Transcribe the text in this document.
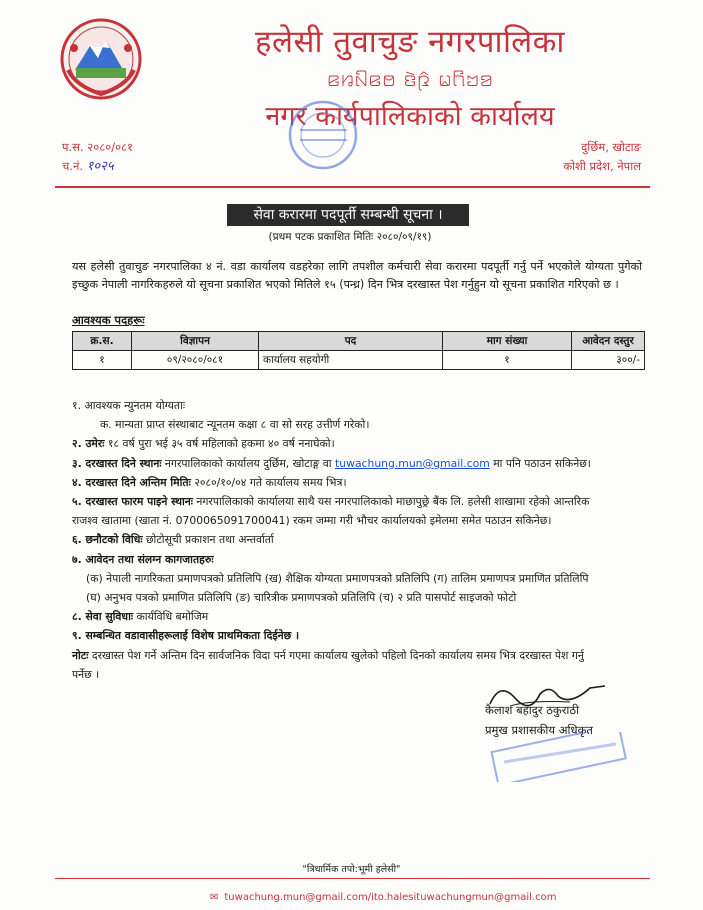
हलेसी तुवाचुङ नगरपालिका
ꤕꤙꤡꤕꤥ ꤢꤧꤐꤨ ꤗꤖꤠꤤ
नगर कार्यपालिकाको कार्यालय
प.स. २०८०/०८१
च.नं. १०२५
दुर्छिम, खोटाङ
कोशी प्रदेश, नेपाल
सेवा करारमा पदपूर्ती सम्बन्धी सूचना ।
(प्रथम पटक प्रकाशित मितिः २०८०/०९/१९)
यस हलेसी तुवाचुङ नगरपालिका ४ नं. वडा कार्यालय वडहरेका लागि तपशील कर्मचारी सेवा करारमा पदपूर्ती गर्नु पर्ने भएकोले योग्यता पुगेको इच्छुक नेपाली नागरिकहरुले यो सूचना प्रकाशित भएको मितिले १५ (पन्ध्र) दिन भित्र दरखास्त पेश गर्नुहुन यो सूचना प्रकाशित गरिएको छ ।
आवश्यक पदहरूः
क्र.स.	विज्ञापन	पद	माग संख्या	आवेदन दस्तुर
१	०९/२०८०/०८१	कार्यालय सहयोगी	१	३००/-
१. आवश्यक न्युनतम योग्यताः
क. मान्यता प्राप्त संस्थाबाट न्यूनतम कक्षा ८ वा सो सरह उत्तीर्ण गरेको।
२. उमेरः १८ वर्ष पुरा भई ३५ वर्ष महिलाको हकमा ४० वर्ष ननाघेको।
३. दरखास्त दिने स्थानः नगरपालिकाको कार्यालय दुर्छिम, खोटाङ्ग वा tuwachung.mun@gmail.com मा पनि पठाउन सकिनेछ।
४. दरखास्त दिने अन्तिम मितिः २०८०/१०/०४ गते कार्यालय समय भित्र।
५. दरखास्त फारम पाइने स्थानः नगरपालिकाको कार्यालया साथै यस नगरपालिकाको माछापुछ्रे बैंक लि. हलेसी शाखामा रहेको आन्तरिक
राजश्व खातामा (खाता नं. 0700065091700041) रकम जम्मा गरी भौचर कार्यालयको इमेलमा समेत पठाउन सकिनेछ।
६. छनौटको विधिः छोटोसूची प्रकाशन तथा अन्तर्वार्ता
७. आवेदन तथा संलग्न कागजातहरुः
(क) नेपाली नागरिकता प्रमाणपत्रको प्रतिलिपि (ख) शैक्षिक योग्यता प्रमाणपत्रको प्रतिलिपि (ग) तालिम प्रमाणपत्र प्रमाणित प्रतिलिपि
(घ) अनुभव पत्रको प्रमाणित प्रतिलिपि (ङ) चारित्रीक प्रमाणपत्रको प्रतिलिपि (च) २ प्रति पासपोर्ट साइजको फोटो
८. सेवा सुविधाः कार्यविधि बमोजिम
९. सम्बन्धित वडावासीहरूलाई विशेष प्राथमिकता दिईनेछ ।
नोटः दरखास्त पेश गर्ने अन्तिम दिन सार्वजनिक विदा पर्न गएमा कार्यालय खुलेको पहिलो दिनको कार्यालय समय भित्र दरखास्त पेश गर्नु
पर्नेछ ।
कैलाश बहादुर ठकुराठी
प्रमुख प्रशासकीय अधिकृत
"त्रिधार्मिक तपो:भूमी हलेसी"
✉ tuwachung.mun@gmail.com/ito.halesituwachungmun@gmail.com
